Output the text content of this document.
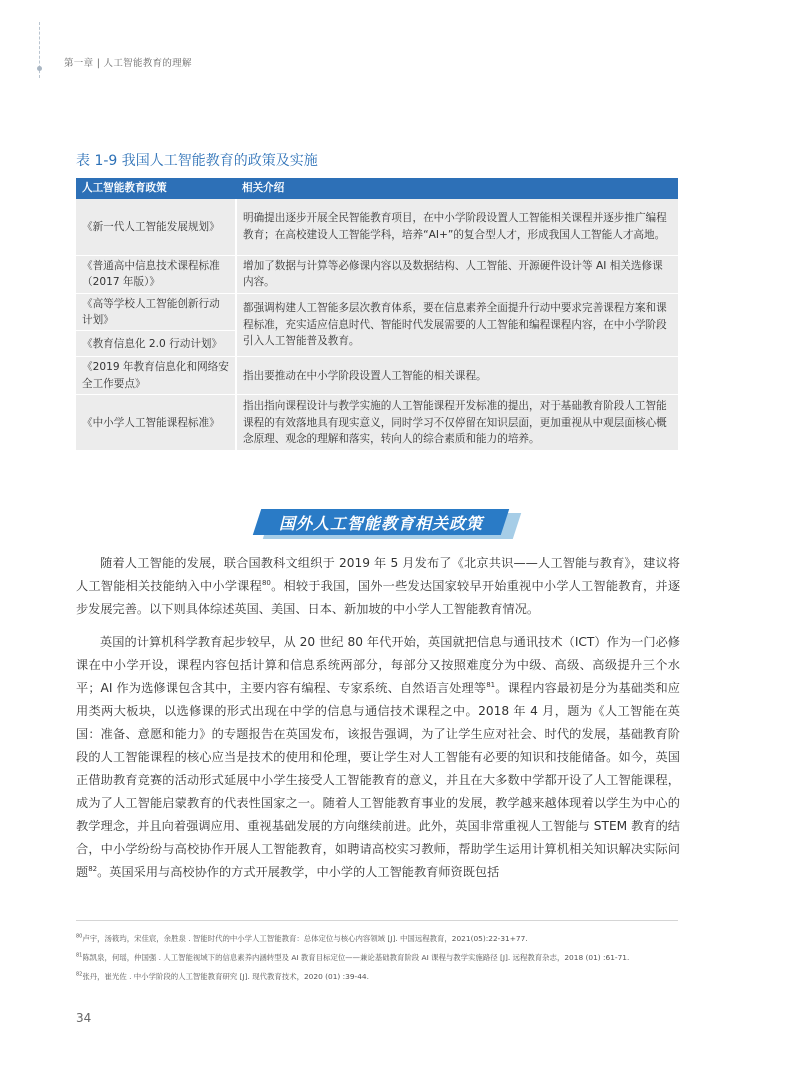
第一章 | 人工智能教育的理解
表 1-9 我国人工智能教育的政策及实施
人工智能教育政策	相关介绍
《新一代人工智能发展规划》	明确提出逐步开展全民智能教育项目，在中小学阶段设置人工智能相关课程并逐步推广编程教育；在高校建设人工智能学科，培养“AI+”的复合型人才，形成我国人工智能人才高地。
《普通高中信息技术课程标准（2017 年版）》	增加了数据与计算等必修课内容以及数据结构、人工智能、开源硬件设计等 AI 相关选修课内容。
《高等学校人工智能创新行动计划》	都强调构建人工智能多层次教育体系，要在信息素养全面提升行动中要求完善课程方案和课程标准，充实适应信息时代、智能时代发展需要的人工智能和编程课程内容，在中小学阶段引入人工智能普及教育。
《教育信息化 2.0 行动计划》	
《2019 年教育信息化和网络安全工作要点》	指出要推动在中小学阶段设置人工智能的相关课程。
《中小学人工智能课程标准》	指出指向课程设计与教学实施的人工智能课程开发标准的提出，对于基础教育阶段人工智能课程的有效落地具有现实意义，同时学习不仅停留在知识层面，更加重视从中观层面核心概念原理、观念的理解和落实，转向人的综合素质和能力的培养。
国外人工智能教育相关政策

随着人工智能的发展，联合国教科文组织于 2019 年 5 月发布了《北京共识——人工智能与教育》，建议将人工智能相关技能纳入中小学课程$^{80}$。相较于我国，国外一些发达国家较早开始重视中小学人工智能教育，并逐步发展完善。以下则具体综述英国、美国、日本、新加坡的中小学人工智能教育情况。

英国的计算机科学教育起步较早，从 20 世纪 80 年代开始，英国就把信息与通讯技术（ICT）作为一门必修课在中小学开设，课程内容包括计算和信息系统两部分，每部分又按照难度分为中级、高级、高级提升三个水平；AI 作为选修课包含其中，主要内容有编程、专家系统、自然语言处理等$^{81}$。课程内容最初是分为基础类和应用类两大板块，以选修课的形式出现在中学的信息与通信技术课程之中。2018 年 4 月，题为《人工智能在英国：准备、意愿和能力》的专题报告在英国发布，该报告强调，为了让学生应对社会、时代的发展，基础教育阶段的人工智能课程的核心应当是技术的使用和伦理，要让学生对人工智能有必要的知识和技能储备。如今，英国正借助教育竞赛的活动形式延展中小学生接受人工智能教育的意义，并且在大多数中学都开设了人工智能课程，成为了人工智能启蒙教育的代表性国家之一。随着人工智能教育事业的发展，教学越来越体现着以学生为中心的教学理念，并且向着强调应用、重视基础发展的方向继续前进。此外，英国非常重视人工智能与 STEM 教育的结合，中小学纷纷与高校协作开展人工智能教育，如聘请高校实习教师，帮助学生运用计算机相关知识解决实际问题$^{82}$。英国采用与高校协作的方式开展教学，中小学的人工智能教育师资既包括

$^{80}$卢宇，汤筱玙，宋佳宸，余胜泉 . 智能时代的中小学人工智能教育：总体定位与核心内容领域 [J]. 中国远程教育，2021(05):22-31+77.
$^{81}$陈凯泉，何瑶，仲国强 . 人工智能视域下的信息素养内涵转型及 AI 教育目标定位——兼论基础教育阶段 AI 课程与教学实施路径 [J]. 远程教育杂志，2018 (01) :61-71.
$^{82}$张丹，崔光佐 . 中小学阶段的人工智能教育研究 [J]. 现代教育技术，2020 (01) :39-44.
34
